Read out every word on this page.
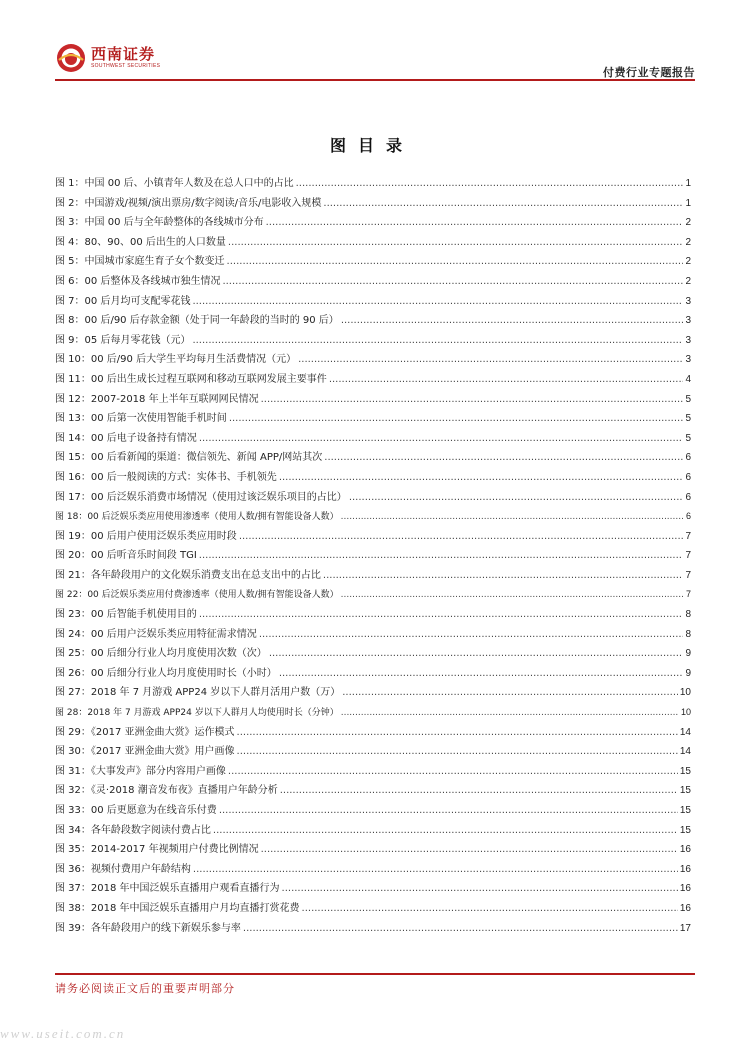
西南证券
SOUTHWEST SECURITIES	付费行业专题报告
图目录
图 1：中国 00 后、小镇青年人数及在总人口中的占比 .....	1
图 2：中国游戏/视频/演出票房/数字阅读/音乐/电影收入规模 .....	1
图 3：中国 00 后与全年龄整体的各线城市分布 .....	2
图 4：80、90、00 后出生的人口数量 .....	2
图 5：中国城市家庭生育子女个数变迁 .....	2
图 6：00 后整体及各线城市独生情况 .....	2
图 7：00 后月均可支配零花钱 .....	3
图 8：00 后/90 后存款金额（处于同一年龄段的当时的 90 后） .....	3
图 9：05 后每月零花钱（元） .....	3
图 10：00 后/90 后大学生平均每月生活费情况（元） .....	3
图 11：00 后出生成长过程互联网和移动互联网发展主要事件 .....	4
图 12：2007-2018 年上半年互联网网民情况 .....	5
图 13：00 后第一次使用智能手机时间 .....	5
图 14：00 后电子设备持有情况 .....	5
图 15：00 后看新闻的渠道：微信领先、新闻 APP/网站其次 .....	6
图 16：00 后一般阅读的方式：实体书、手机领先 .....	6
图 17：00 后泛娱乐消费市场情况（使用过该泛娱乐项目的占比） .....	6
图 18：00 后泛娱乐类应用使用渗透率（使用人数/拥有智能设备人数） .....	6
图 19：00 后用户使用泛娱乐类应用时段 .....	7
图 20：00 后听音乐时间段 TGI .....	7
图 21：各年龄段用户的文化娱乐消费支出在总支出中的占比 .....	7
图 22：00 后泛娱乐类应用付费渗透率（使用人数/拥有智能设备人数） .....	7
图 23：00 后智能手机使用目的 .....	8
图 24：00 后用户泛娱乐类应用特征需求情况 .....	8
图 25：00 后细分行业人均月度使用次数（次） .....	9
图 26：00 后细分行业人均月度使用时长（小时） .....	9
图 27：2018 年 7 月游戏 APP24 岁以下人群月活用户数（万） .....	10
图 28：2018 年 7 月游戏 APP24 岁以下人群月人均使用时长（分钟） .....	10
图 29：《2017 亚洲金曲大赏》运作模式 .....	14
图 30：《2017 亚洲金曲大赏》用户画像 .....	14
图 31：《大事发声》部分内容用户画像 .....	15
图 32：《灵·2018 潮音发布夜》直播用户年龄分析 .....	15
图 33：00 后更愿意为在线音乐付费 .....	15
图 34：各年龄段数字阅读付费占比 .....	15
图 35：2014-2017 年视频用户付费比例情况 .....	16
图 36：视频付费用户年龄结构 .....	16
图 37：2018 年中国泛娱乐直播用户观看直播行为 .....	16
图 38：2018 年中国泛娱乐直播用户月均直播打赏花费 .....	16
图 39：各年龄段用户的线下新娱乐参与率 .....	17
请务必阅读正文后的重要声明部分
www.useit.com.cn
